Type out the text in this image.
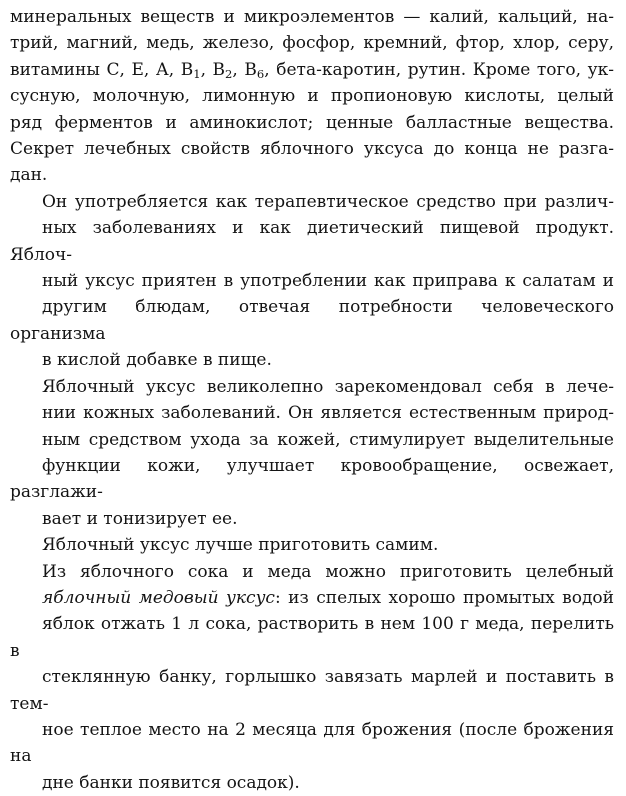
минеральных веществ и микроэлементов — калий, кальций, на-
трий, магний, медь, железо, фосфор, кремний, фтор, хлор, серу,
витамины С, Е, А, $В_1$, $В_2$, $В_6$, бета-каротин, рутин. Кроме того, ук-
сусную, молочную, лимонную и пропионовую кислоты, целый
ряд ферментов и аминокислот; ценные балластные вещества.
Секрет лечебных свойств яблочного уксуса до конца не разга-
дан.

Он употребляется как терапевтическое средство при различ-
ных заболеваниях и как диетический пищевой продукт. Яблоч-
ный уксус приятен в употреблении как приправа к салатам и
другим блюдам, отвечая потребности человеческого организма
в кислой добавке в пище.

Яблочный уксус великолепно зарекомендовал себя в лече-
нии кожных заболеваний. Он является естественным природ-
ным средством ухода за кожей, стимулирует выделительные
функции кожи, улучшает кровообращение, освежает, разглажи-
вает и тонизирует ее.

Яблочный уксус лучше приготовить самим.

Из яблочного сока и меда можно приготовить целебный
яблочный медовый уксус: из спелых хорошо промытых водой
яблок отжать 1 л сока, растворить в нем 100 г меда, перелить в
стеклянную банку, горлышко завязать марлей и поставить в тем-
ное теплое место на 2 месяца для брожения (после брожения на
дне банки появится осадок).
